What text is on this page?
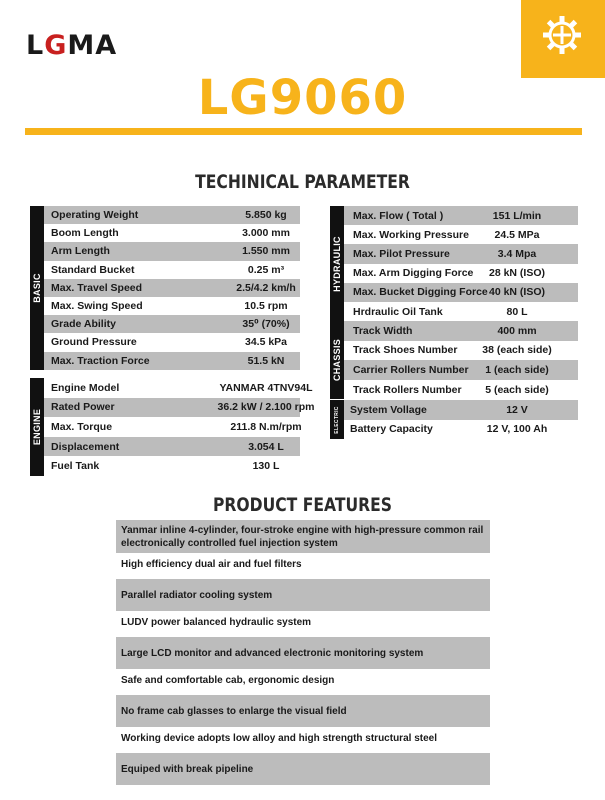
LGMA
LG9060
TECHINICAL PARAMETER
BASIC
Operating Weight	5.850 kg
Boom Length	3.000 mm
Arm Length	1.550 mm
Standard Bucket	0.25 m³
Max. Travel Speed	2.5/4.2 km/h
Max. Swing Speed	10.5 rpm
Grade Ability	35⁰ (70%)
Ground Pressure	34.5 kPa
Max. Traction Force	51.5 kN
ENGINE
Engine Model	YANMAR 4TNV94L
Rated Power	36.2 kW / 2.100 rpm
Max. Torque	211.8 N.m/rpm
Displacement	3.054 L
Fuel Tank	130 L
HYDRAULIC
Max. Flow ( Total )	151 L/min
Max. Working Pressure 24.5 MPa
Max. Pilot Pressure	3.4 Mpa
Max. Arm Digging Force 28 kN (ISO)
Max. Bucket Digging Force 40 kN (ISO)
Hrdraulic Oil Tank	80 L
CHASSIS
Track Width	400 mm
Track Shoes Number 38 (each side)
Carrier Rollers Number 1 (each side)
Track Rollers Number 5 (each side)
ELECTRIC System Vollage	12 V
Battery Capacity	12 V, 100 Ah
PRODUCT FEATURES
Yanmar inline 4-cylinder, four-stroke engine with high-pressure common rail electronically controlled fuel injection system
High efficiency dual air and fuel filters
Parallel radiator cooling system
LUDV power balanced hydraulic system
Large LCD monitor and advanced electronic monitoring system
Safe and comfortable cab, ergonomic design
No frame cab glasses to enlarge the visual field
Working device adopts low alloy and high strength structural steel
Equiped with break pipeline
